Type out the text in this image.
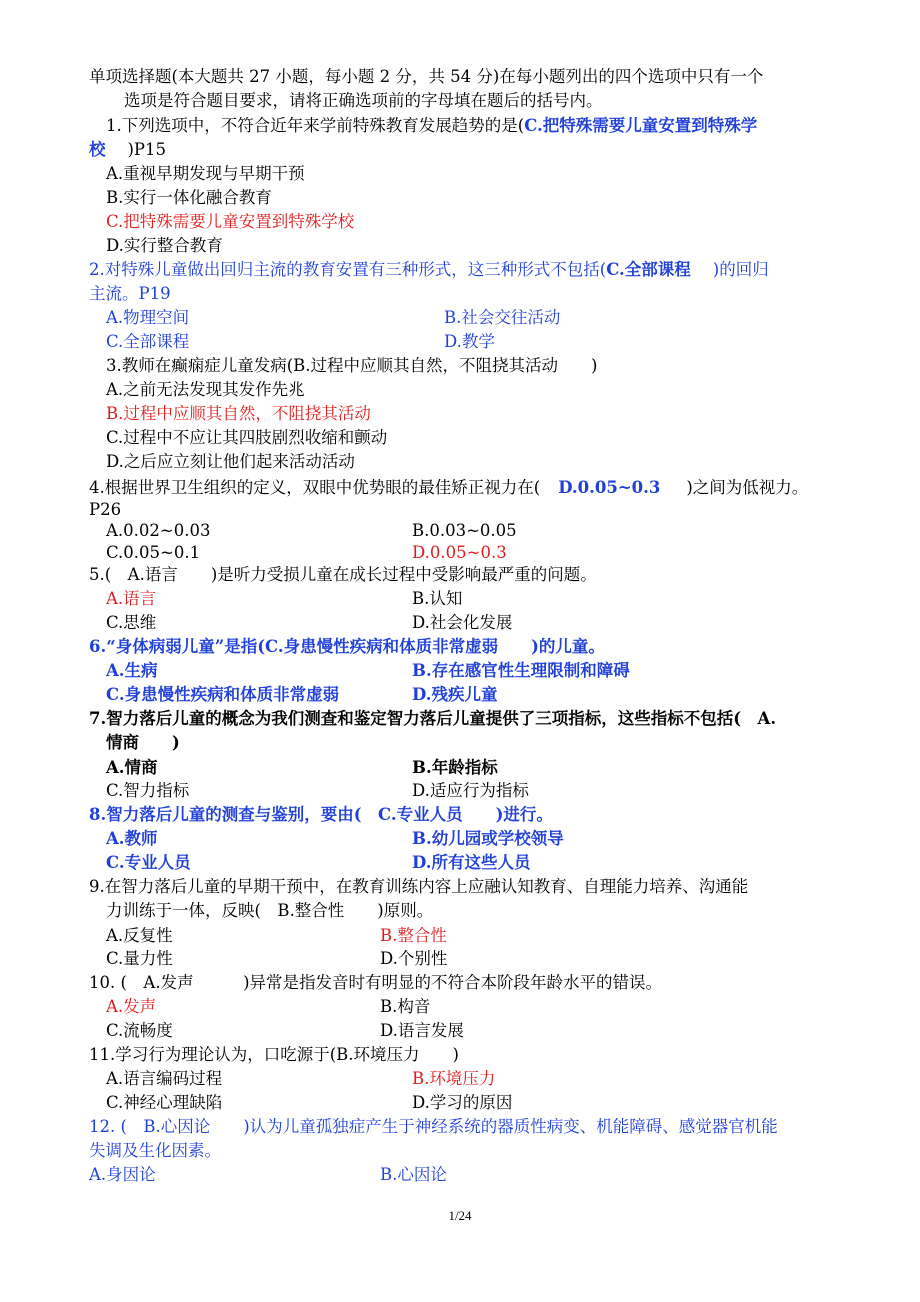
单项选择题(本大题共 27 小题，每小题 2 分，共 54 分)在每小题列出的四个选项中只有一个
选项是符合题目要求，请将正确选项前的字母填在题后的括号内。
1.下列选项中，不符合近年来学前特殊教育发展趋势的是(C.把特殊需要儿童安置到特殊学
校 )P15
A.重视早期发现与早期干预
B.实行一体化融合教育
C.把特殊需要儿童安置到特殊学校
D.实行整合教育
2.对特殊儿童做出回归主流的教育安置有三种形式，这三种形式不包括(C.全部课程 )的回归
主流。P19
A.物理空间	B.社会交往活动
C.全部课程	D.教学
3.教师在癫痫症儿童发病(B.过程中应顺其自然，不阻挠其活动　　)
A.之前无法发现其发作先兆
B.过程中应顺其自然，不阻挠其活动
C.过程中不应让其四肢剧烈收缩和颤动
D.之后应立刻让他们起来活动活动
4.根据世界卫生组织的定义，双眼中优势眼的最佳矫正视力在( D.0.05~0.3 )之间为低视力。
P26
A.0.02~0.03	B.0.03~0.05
C.0.05~0.1	D.0.05~0.3
5.(　A.语言　　)是听力受损儿童在成长过程中受影响最严重的问题。
A.语言	B.认知
C.思维	D.社会化发展
6.“身体病弱儿童”是指(C.身患慢性疾病和体质非常虚弱　　)的儿童。
A.生病	B.存在感官性生理限制和障碍
C.身患慢性疾病和体质非常虚弱	D.残疾儿童
7.智力落后儿童的概念为我们测查和鉴定智力落后儿童提供了三项指标，这些指标不包括(　A.
情商　　)
A.情商	B.年龄指标
C.智力指标	D.适应行为指标
8.智力落后儿童的测查与鉴别，要由(　C.专业人员　　)进行。
A.教师	B.幼儿园或学校领导
C.专业人员	D.所有这些人员
9.在智力落后儿童的早期干预中，在教育训练内容上应融认知教育、自理能力培养、沟通能
力训练于一体，反映(　B.整合性　　)原则。
A.反复性	B.整合性
C.量力性	D.个别性
10. (　A.发声　　　)异常是指发音时有明显的不符合本阶段年龄水平的错误。
A.发声	B.构音
C.流畅度	D.语言发展
11.学习行为理论认为，口吃源于(B.环境压力　　)
A.语言编码过程	B.环境压力
C.神经心理缺陷	D.学习的原因
12. (　B.心因论　　)认为儿童孤独症产生于神经系统的器质性病变、机能障碍、感觉器官机能
失调及生化因素。
A.身因论	B.心因论
1/24
